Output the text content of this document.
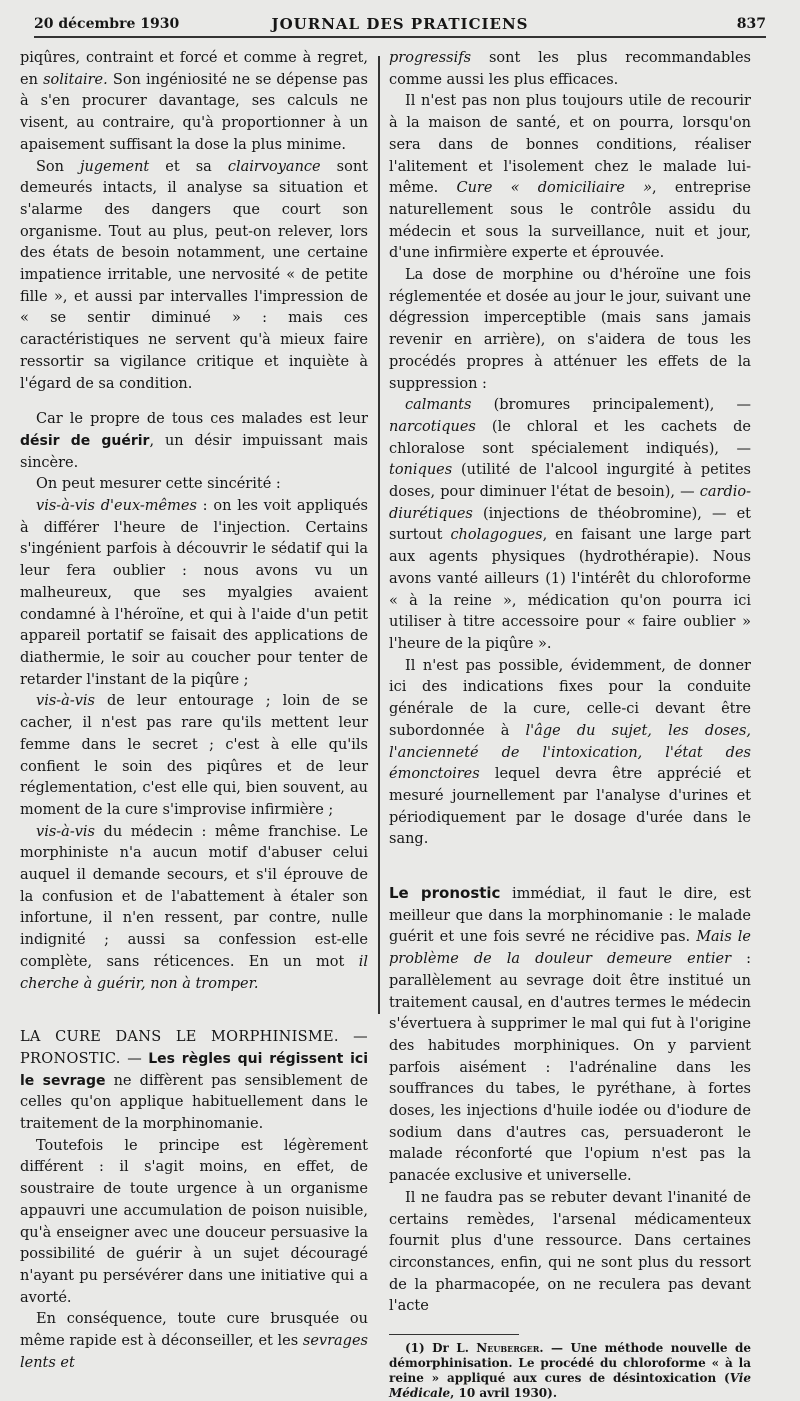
20 décembre 1930	JOURNAL DES PRATICIENS	837

piqûres, contraint et forcé et comme à regret, en solitaire. Son ingéniosité ne se dépense pas à s'en procurer davantage, ses calculs ne visent, au contraire, qu'à proportionner à un apaisement suffisant la dose la plus minime.

Son jugement et sa clairvoyance sont demeurés intacts, il analyse sa situation et s'alarme des dangers que court son organisme. Tout au plus, peut-on relever, lors des états de besoin notamment, une certaine impatience irritable, une nervosité « de petite fille », et aussi par intervalles l'impression de « se sentir diminué » : mais ces caractéristiques ne servent qu'à mieux faire ressortir sa vigilance critique et inquiète à l'égard de sa condition.

Car le propre de tous ces malades est leur désir de guérir, un désir impuissant mais sincère.

On peut mesurer cette sincérité :

vis-à-vis d'eux-mêmes : on les voit appliqués à différer l'heure de l'injection. Certains s'ingénient parfois à découvrir le sédatif qui la leur fera oublier : nous avons vu un malheureux, que ses myalgies avaient condamné à l'héroïne, et qui à l'aide d'un petit appareil portatif se faisait des applications de diathermie, le soir au coucher pour tenter de retarder l'instant de la piqûre ;

vis-à-vis de leur entourage ; loin de se cacher, il n'est pas rare qu'ils mettent leur femme dans le secret ; c'est à elle qu'ils confient le soin des piqûres et de leur réglementation, c'est elle qui, bien souvent, au moment de la cure s'improvise infirmière ;

vis-à-vis du médecin : même franchise. Le morphiniste n'a aucun motif d'abuser celui auquel il demande secours, et s'il éprouve de la confusion et de l'abattement à étaler son infortune, il n'en ressent, par contre, nulle indignité ; aussi sa confession est-elle complète, sans réticences. En un mot il cherche à guérir, non à tromper.

LA CURE DANS LE MORPHINISME. — PRONOSTIC. — Les règles qui régissent ici le sevrage ne diffèrent pas sensiblement de celles qu'on applique habituellement dans le traitement de la morphinomanie.

Toutefois le principe est légèrement différent : il s'agit moins, en effet, de soustraire de toute urgence à un organisme appauvri une accumulation de poison nuisible, qu'à enseigner avec une douceur persuasive la possibilité de guérir à un sujet découragé n'ayant pu persévérer dans une initiative qui a avorté.

En conséquence, toute cure brusquée ou même rapide est à déconseiller, et les sevrages lents et

progressifs sont les plus recommandables comme aussi les plus efficaces.

Il n'est pas non plus toujours utile de recourir à la maison de santé, et on pourra, lorsqu'on sera dans de bonnes conditions, réaliser l'alitement et l'isolement chez le malade lui-même. Cure « domiciliaire », entreprise naturellement sous le contrôle assidu du médecin et sous la surveillance, nuit et jour, d'une infirmière experte et éprouvée.

La dose de morphine ou d'héroïne une fois réglementée et dosée au jour le jour, suivant une dégression imperceptible (mais sans jamais revenir en arrière), on s'aidera de tous les procédés propres à atténuer les effets de la suppression :

calmants (bromures principalement), — narcotiques (le chloral et les cachets de chloralose sont spécialement indiqués), — toniques (utilité de l'alcool ingurgité à petites doses, pour diminuer l'état de besoin), — cardio-diurétiques (injections de théobromine), — et surtout cholagogues, en faisant une large part aux agents physiques (hydrothérapie). Nous avons vanté ailleurs (1) l'intérêt du chloroforme « à la reine », médication qu'on pourra ici utiliser à titre accessoire pour « faire oublier » l'heure de la piqûre ».

Il n'est pas possible, évidemment, de donner ici des indications fixes pour la conduite générale de la cure, celle-ci devant être subordonnée à l'âge du sujet, les doses, l'ancienneté de l'intoxication, l'état des émonctoires lequel devra être apprécié et mesuré journellement par l'analyse d'urines et périodiquement par le dosage d'urée dans le sang.

Le pronostic immédiat, il faut le dire, est meilleur que dans la morphinomanie : le malade guérit et une fois sevré ne récidive pas. Mais le problème de la douleur demeure entier : parallèlement au sevrage doit être institué un traitement causal, en d'autres termes le médecin s'évertuera à supprimer le mal qui fut à l'origine des habitudes morphiniques. On y parvient parfois aisément : l'adrénaline dans les souffrances du tabes, le pyréthane, à fortes doses, les injections d'huile iodée ou d'iodure de sodium dans d'autres cas, persuaderont le malade réconforté que l'opium n'est pas la panacée exclusive et universelle.

Il ne faudra pas se rebuter devant l'inanité de certains remèdes, l'arsenal médicamenteux fournit plus d'une ressource. Dans certaines circonstances, enfin, qui ne sont plus du ressort de la pharmacopée, on ne reculera pas devant l'acte

(1) Dr L. Neuberger. — Une méthode nouvelle de démorphinisation. Le procédé du chloroforme « à la reine » appliqué aux cures de désintoxication (Vie Médicale, 10 avril 1930).
